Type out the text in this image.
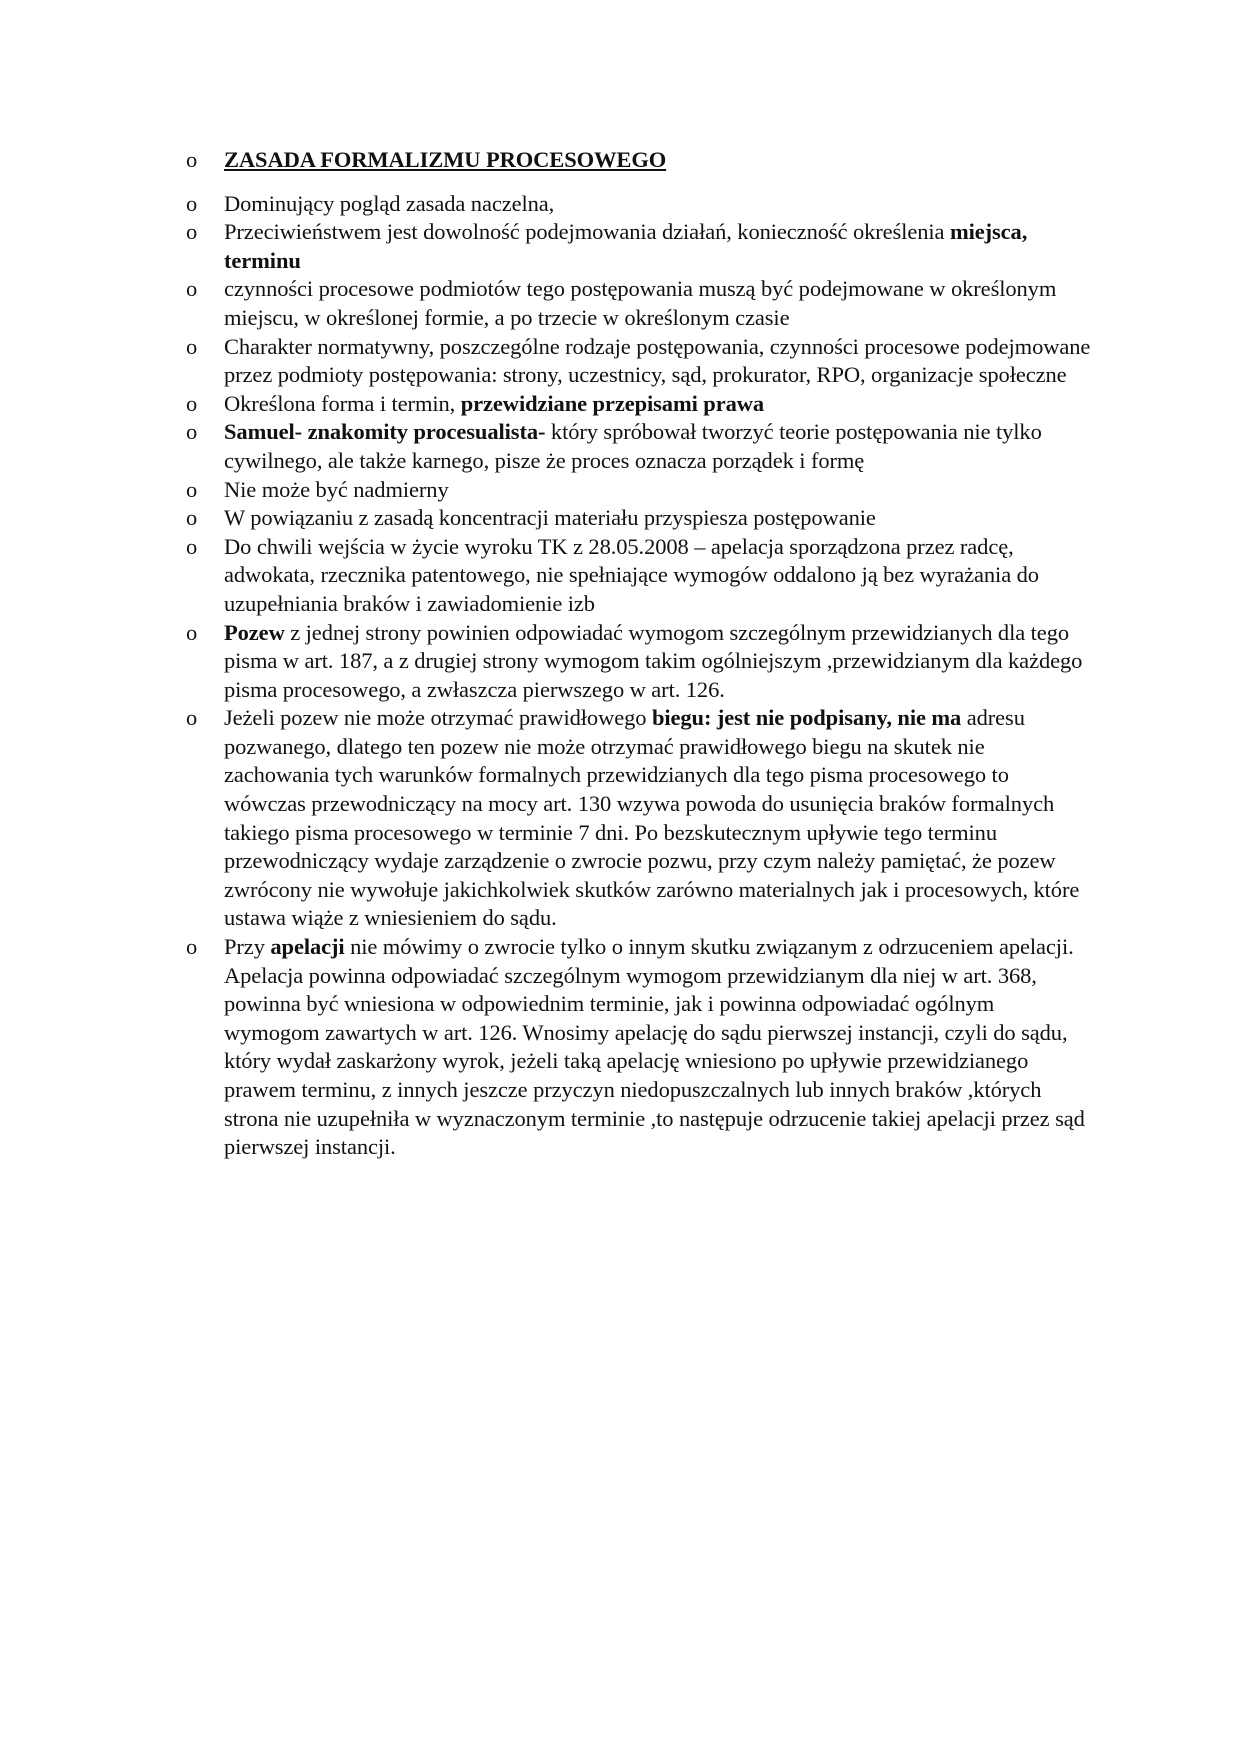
o	ZASADA FORMALIZMU PROCESOWEGO
o	Dominujący pogląd zasada naczelna,
o	Przeciwieństwem jest dowolność podejmowania działań, konieczność określenia miejsca, terminu
o	czynności procesowe podmiotów tego postępowania muszą być podejmowane w określonym miejscu, w określonej formie, a po trzecie w określonym czasie
o	Charakter normatywny, poszczególne rodzaje postępowania, czynności procesowe podejmowane przez podmioty postępowania: strony, uczestnicy, sąd, prokurator, RPO, organizacje społeczne
o	Określona forma i termin, przewidziane przepisami prawa
o	Samuel- znakomity procesualista- który spróbował tworzyć teorie postępowania nie tylko cywilnego, ale także karnego, pisze że proces oznacza porządek i formę
o	Nie może być nadmierny
o	W powiązaniu z zasadą koncentracji materiału przyspiesza postępowanie
o	Do chwili wejścia w życie wyroku TK z 28.05.2008 – apelacja sporządzona przez radcę, adwokata, rzecznika patentowego, nie spełniające wymogów oddalono ją bez wyrażania do uzupełniania braków i zawiadomienie izb
o	Pozew z jednej strony powinien odpowiadać wymogom szczególnym przewidzianych dla tego pisma w art. 187, a z drugiej strony wymogom takim ogólniejszym ,przewidzianym dla każdego pisma procesowego, a zwłaszcza pierwszego w art. 126.
o	Jeżeli pozew nie może otrzymać prawidłowego biegu: jest nie podpisany, nie ma adresu pozwanego, dlatego ten pozew nie może otrzymać prawidłowego biegu na skutek nie zachowania tych warunków formalnych przewidzianych dla tego pisma procesowego to wówczas przewodniczący na mocy art. 130 wzywa powoda do usunięcia braków formalnych takiego pisma procesowego w terminie 7 dni. Po bezskutecznym upływie tego terminu przewodniczący wydaje zarządzenie o zwrocie pozwu, przy czym należy pamiętać, że pozew zwrócony nie wywołuje jakichkolwiek skutków zarówno materialnych jak i procesowych, które ustawa wiąże z wniesieniem do sądu.
o	Przy apelacji nie mówimy o zwrocie tylko o innym skutku związanym z odrzuceniem apelacji. Apelacja powinna odpowiadać szczególnym wymogom przewidzianym dla niej w art. 368, powinna być wniesiona w odpowiednim terminie, jak i powinna odpowiadać ogólnym wymogom zawartych w art. 126. Wnosimy apelację do sądu pierwszej instancji, czyli do sądu, który wydał zaskarżony wyrok, jeżeli taką apelację wniesiono po upływie przewidzianego prawem terminu, z innych jeszcze przyczyn niedopuszczalnych lub innych braków ,których strona nie uzupełniła w wyznaczonym terminie ,to następuje odrzucenie takiej apelacji przez sąd pierwszej instancji.
